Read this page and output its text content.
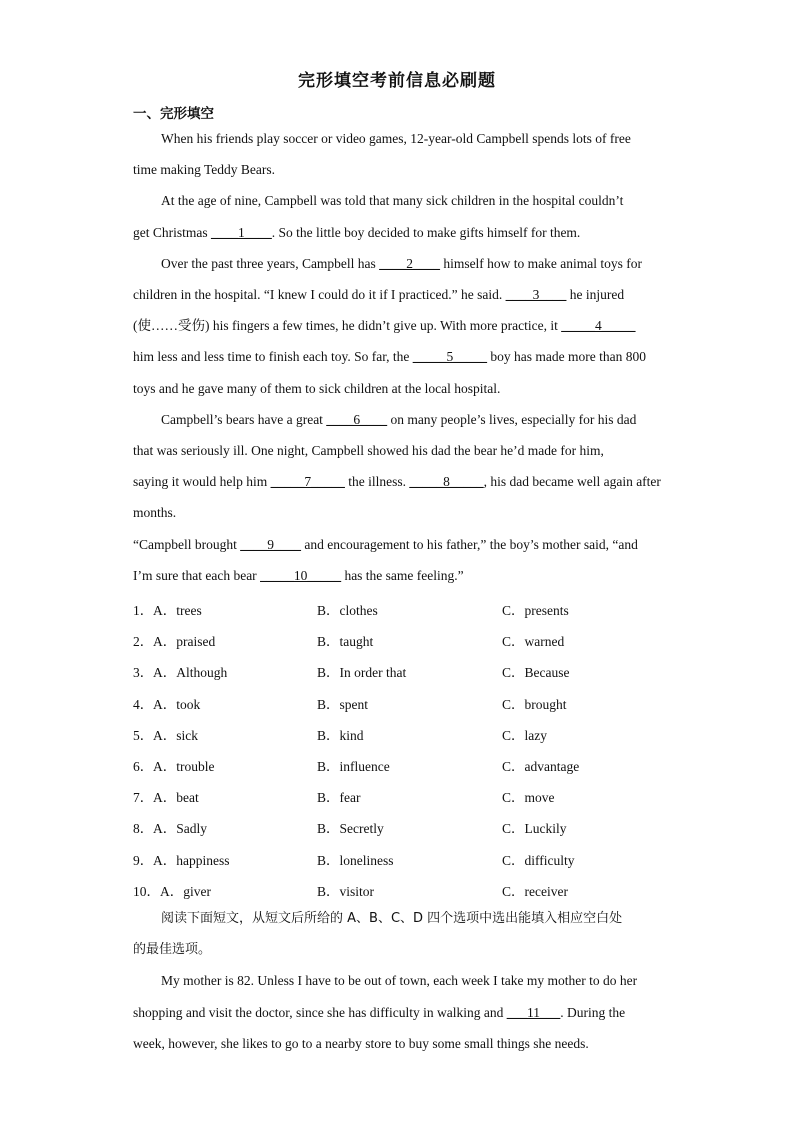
完形填空考前信息必刷题
一、完形填空
When his friends play soccer or video games, 12-year-old Campbell spends lots of free
time making Teddy Bears.
At the age of nine, Campbell was told that many sick children in the hospital couldn’t
get Christmas ____1____. So the little boy decided to make gifts himself for them.
Over the past three years, Campbell has ____2____ himself how to make animal toys for
children in the hospital. “I knew I could do it if I practiced.” he said. ____3____ he injured
(使……受伤) his fingers a few times, he didn’t give up. With more practice, it _____4_____
him less and less time to finish each toy. So far, the _____5_____ boy has made more than 800
toys and he gave many of them to sick children at the local hospital.
Campbell’s bears have a great ____6____ on many people’s lives, especially for his dad
that was seriously ill. One night, Campbell showed his dad the bear he’d made for him,
saying it would help him _____7_____ the illness. _____8_____, his dad became well again after
months.
“Campbell brought ____9____ and encouragement to his father,” the boy’s mother said, “and
I’m sure that each bear _____10_____ has the same feeling.”
1． A．trees	B．clothes	C．presents
2． A．praised	B．taught	C．warned
3． A．Although	B．In order that	C．Because
4． A．took	B．spent	C．brought
5． A．sick	B．kind	C．lazy
6． A．trouble	B．influence	C．advantage
7． A．beat	B．fear	C．move
8． A．Sadly	B．Secretly	C．Luckily
9． A．happiness	B．loneliness	C．difficulty
10． A．giver	B．visitor	C．receiver
阅读下面短文，从短文后所给的 A、B、C、D 四个选项中选出能填入相应空白处
的最佳选项。
My mother is 82. Unless I have to be out of town, each week I take my mother to do her
shopping and visit the doctor, since she has difficulty in walking and ___11___. During the
week, however, she likes to go to a nearby store to buy some small things she needs.
